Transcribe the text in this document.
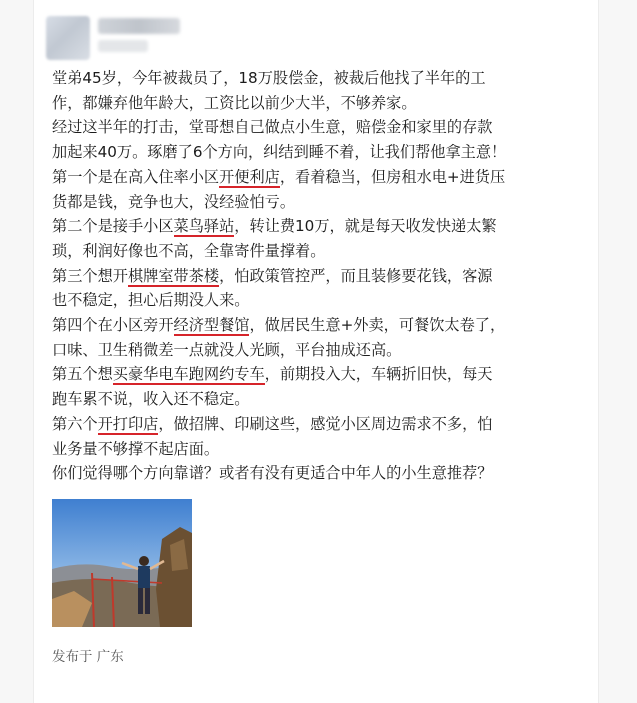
堂弟45岁，今年被裁员了，18万股偿金，被裁后他找了半年的工

作，都嫌弃他年龄大，工资比以前少大半，不够养家。

经过这半年的打击，堂哥想自己做点小生意，赔偿金和家里的存款

加起来40万。琢磨了6个方向，纠结到睡不着，让我们帮他拿主意！

第一个是在高入住率小区开便利店，看着稳当，但房租水电+进货压

货都是钱，竞争也大，没经验怕亏。

第二个是接手小区菜鸟驿站，转让费10万，就是每天收发快递太繁

琐，利润好像也不高，全靠寄件量撑着。

第三个想开棋牌室带茶楼，怕政策管控严，而且装修要花钱，客源

也不稳定，担心后期没人来。

第四个在小区旁开经济型餐馆，做居民生意+外卖，可餐饮太卷了，

口味、卫生稍微差一点就没人光顾，平台抽成还高。

第五个想买豪华电车跑网约专车，前期投入大，车辆折旧快，每天

跑车累不说，收入还不稳定。

第六个开打印店，做招牌、印刷这些，感觉小区周边需求不多，怕

业务量不够撑不起店面。

你们觉得哪个方向靠谱？或者有没有更适合中年人的小生意推荐？

发布于 广东
